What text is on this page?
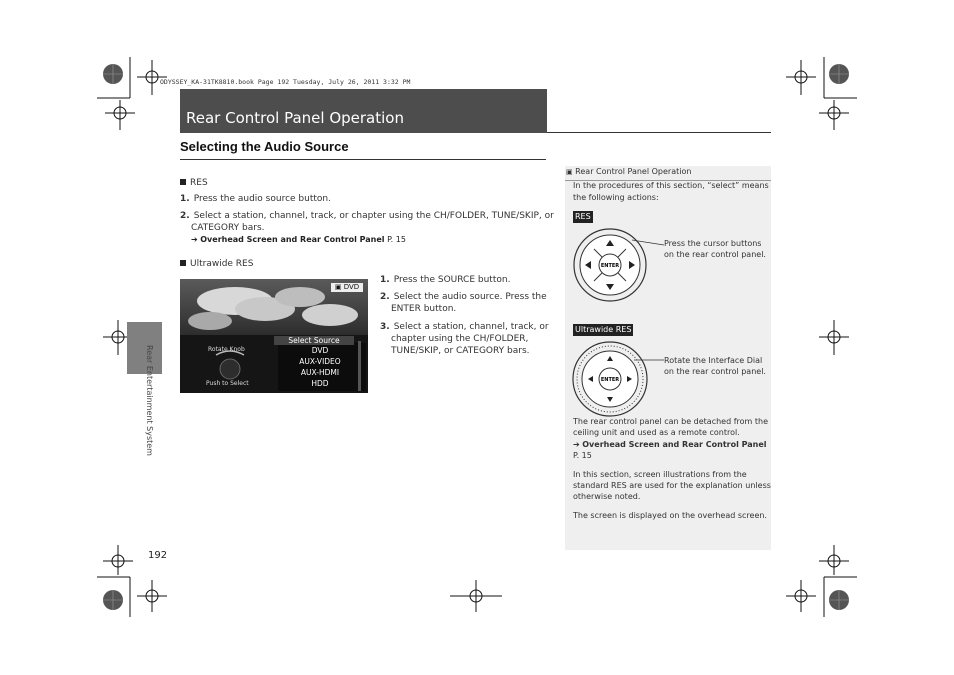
ODYSSEY_KA-31TK8810.book Page 192 Tuesday, July 26, 2011 3:32 PM
Rear Control Panel Operation
Selecting the Audio Source
RES
1. Press the audio source button.
2. Select a station, channel, track, or chapter using the CH/FOLDER, TUNE/SKIP, or
CATEGORY bars.
➔ Overhead Screen and Rear Control Panel P. 15
Ultrawide RES
1. Press the SOURCE button.
2. Select the audio source. Press the
ENTER button.
3. Select a station, channel, track, or
chapter using the CH/FOLDER,
TUNE/SKIP, or CATEGORY bars.
▣ DVD
Select Source
DVD
AUX-VIDEO
AUX-HDMI
HDD
Rotate Knob
Push to Select
Rear Entertainment System
192
▣ Rear Control Panel Operation
In the procedures of this section, “select” means
the following actions:
RES
ENTER
Press the cursor buttons
on the rear control panel.
Ultrawide RES
ENTER
Rotate the Interface Dial
on the rear control panel.
The rear control panel can be detached from the
ceiling unit and used as a remote control.
➔ Overhead Screen and Rear Control Panel
P. 15
In this section, screen illustrations from the
standard RES are used for the explanation unless
otherwise noted.
The screen is displayed on the overhead screen.
